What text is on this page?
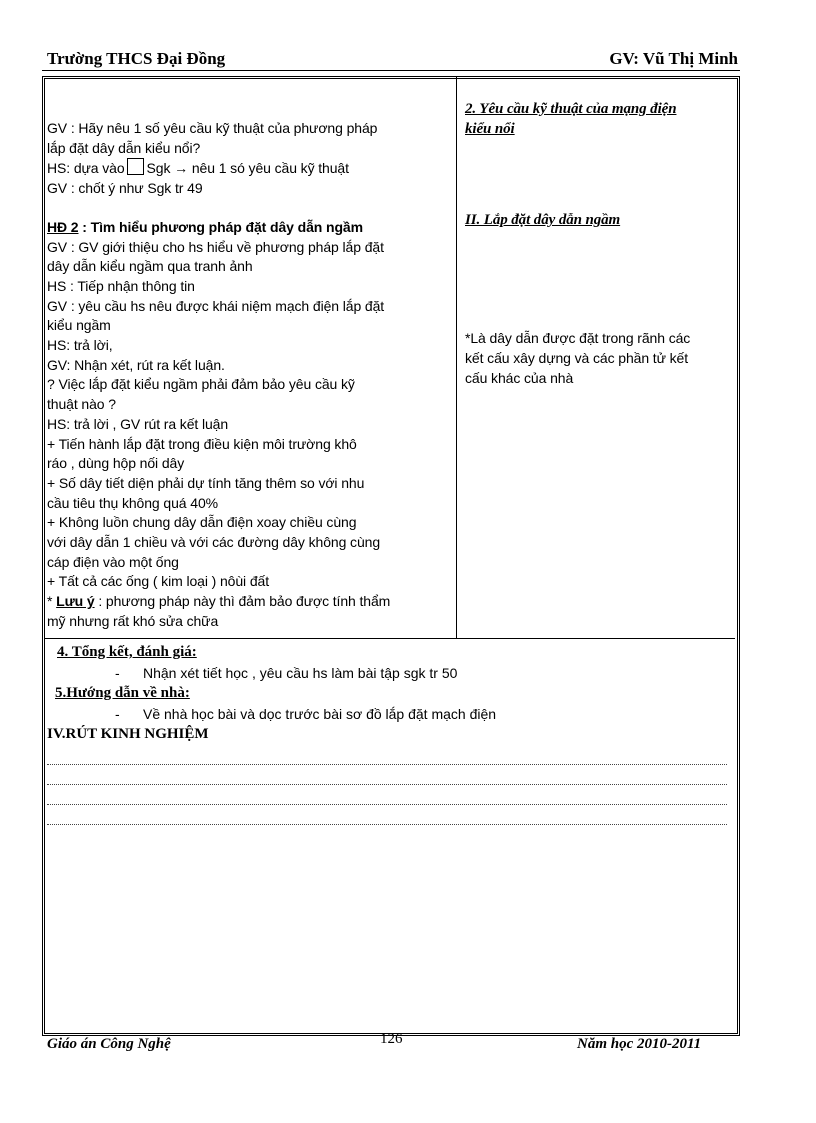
Trường THCS Đại Đồng	GV: Vũ Thị Minh
GV : Hãy nêu 1 số yêu cầu kỹ thuật của phương pháp
lắp đặt dây dẫn kiểu nổi?
HS: dựa vào Sgk → nêu 1 só yêu cầu kỹ thuật
GV : chốt ý như Sgk tr 49
HĐ 2 : Tìm hiểu phương pháp đặt dây dẫn ngầm
GV : GV giới thiệu cho hs hiểu về phương pháp lắp đặt
dây dẫn kiểu ngầm qua tranh ảnh
HS : Tiếp nhận thông tin
GV : yêu cầu hs nêu được khái niệm mạch điện lắp đặt
kiểu ngầm
HS: trả lời,
GV: Nhận xét, rút ra kết luận.
? Việc lắp đặt kiểu ngầm phải đảm bảo yêu cầu kỹ
thuật nào ?
HS: trả lời , GV rút ra kết luận
+ Tiến hành lắp đặt trong điều kiện môi trường khô
ráo , dùng hộp nối dây
+ Số dây tiết diện phải dự tính tăng thêm so với nhu
cầu tiêu thụ không quá 40%
+ Không luồn chung dây dẫn điện xoay chiều cùng
với dây dẫn 1 chiều và với các đường dây không cùng
cáp điện vào một ống
+ Tất cả các ống ( kim loại ) nôùi đất
* Lưu ý : phương pháp này thì đảm bảo được tính thẩm
mỹ nhưng rất khó sửa chữa
2. Yêu cầu kỹ thuật của mạng điện
kiểu nổi
II. Lắp đặt dây dẫn ngầm
*Là dây dẫn được đặt trong rãnh các
kết cấu xây dựng và các phần tử kết
cấu khác của nhà
4. Tổng kết, đánh giá:
-      Nhận xét tiết học , yêu cầu hs làm bài tập sgk tr 50
5.Hướng dẫn về nhà:
-      Về nhà học bài và dọc trước bài sơ đồ lắp đặt mạch điện
IV.RÚT KINH NGHIỆM
Giáo án Công Nghệ	126	Năm học 2010-2011
